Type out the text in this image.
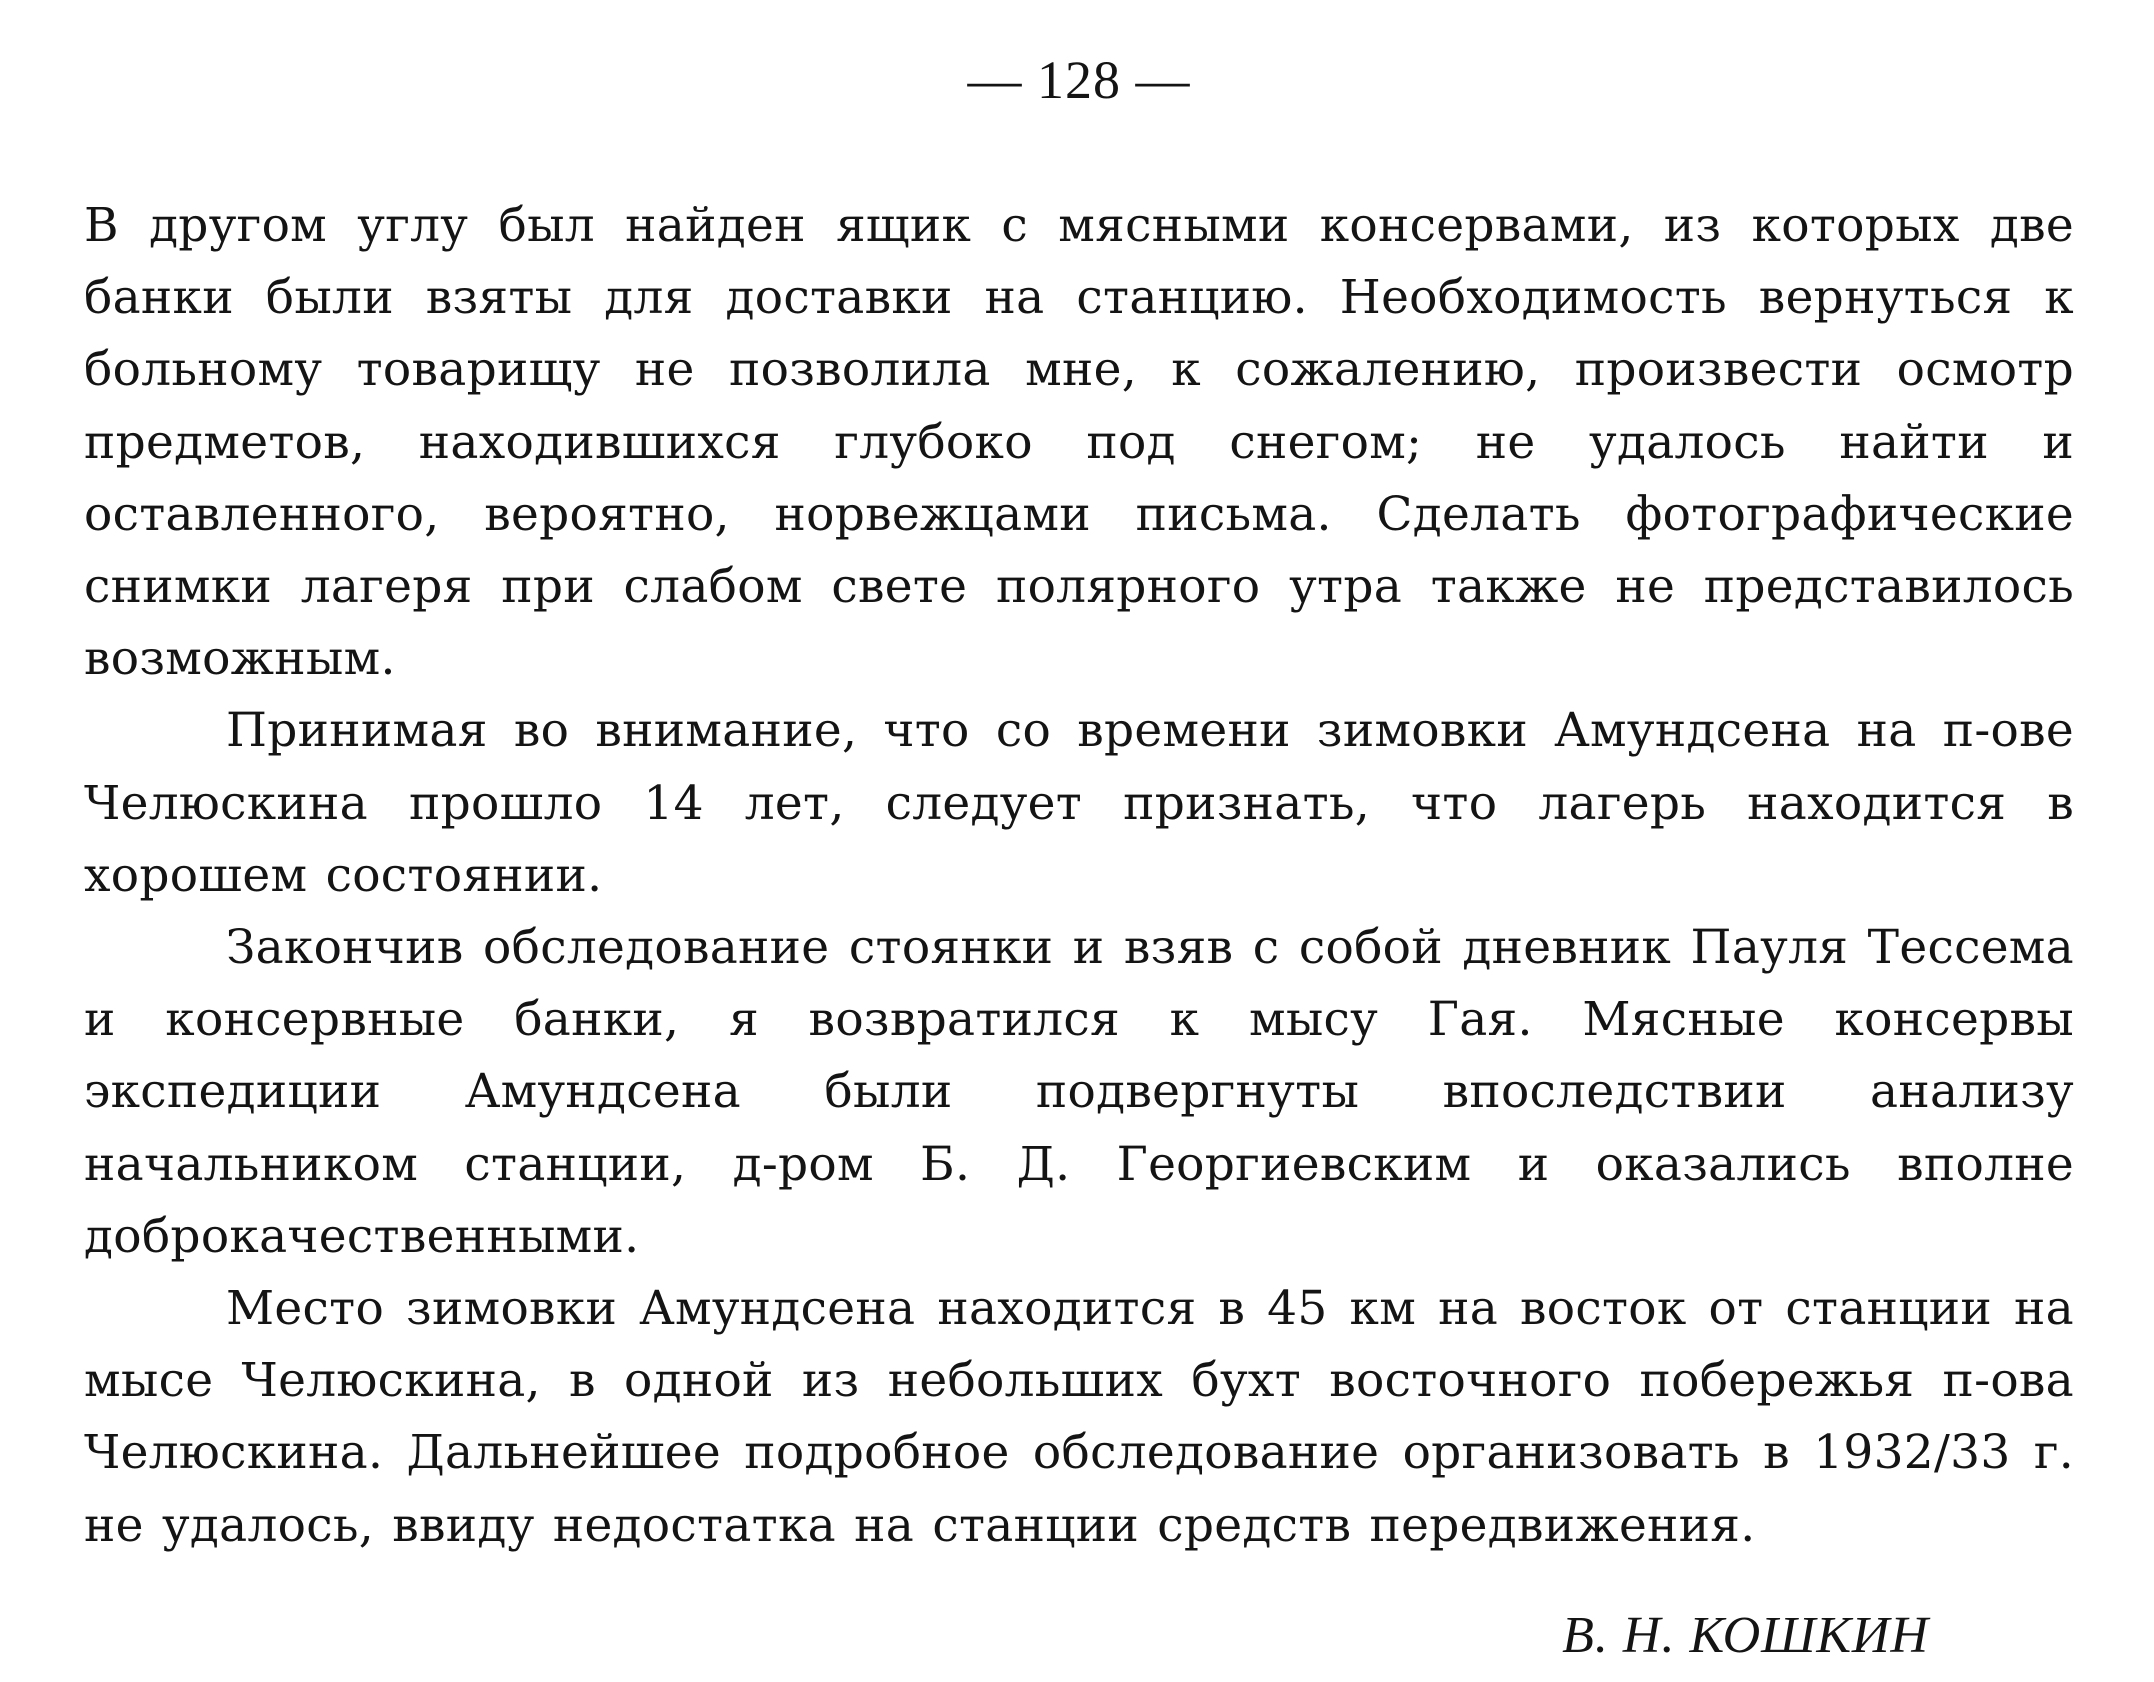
— 128 —

В другом углу был найден ящик с мясными консервами, из которых две банки были взяты для доставки на станцию. Необходимость вернуться к больному товарищу не позволила мне, к сожалению, произвести осмотр предметов, находившихся глубоко под снегом; не удалось найти и оставленного, вероятно, норвежцами письма. Сделать фотографические снимки лагеря при слабом свете полярного утра также не представилось возможным.

Принимая во внимание, что со времени зимовки Амундсена на п-ове Челюскина прошло 14 лет, следует признать, что лагерь находится в хорошем состоянии.

Закончив обследование стоянки и взяв с собой дневник Пауля Тессема и консервные банки, я возвратился к мысу Гая. Мясные консервы экспедиции Амундсена были подвергнуты впоследствии анализу начальником станции, д-ром Б. Д. Георгиевским и оказались вполне доброкачественными.

Место зимовки Амундсена находится в 45 км на восток от станции на мысе Челюскина, в одной из небольших бухт восточного побережья п-ова Челюскина. Дальнейшее подробное обследование организовать в 1932/33 г. не удалось, ввиду недостатка на станции средств передвижения.

В. Н. КОШКИН
